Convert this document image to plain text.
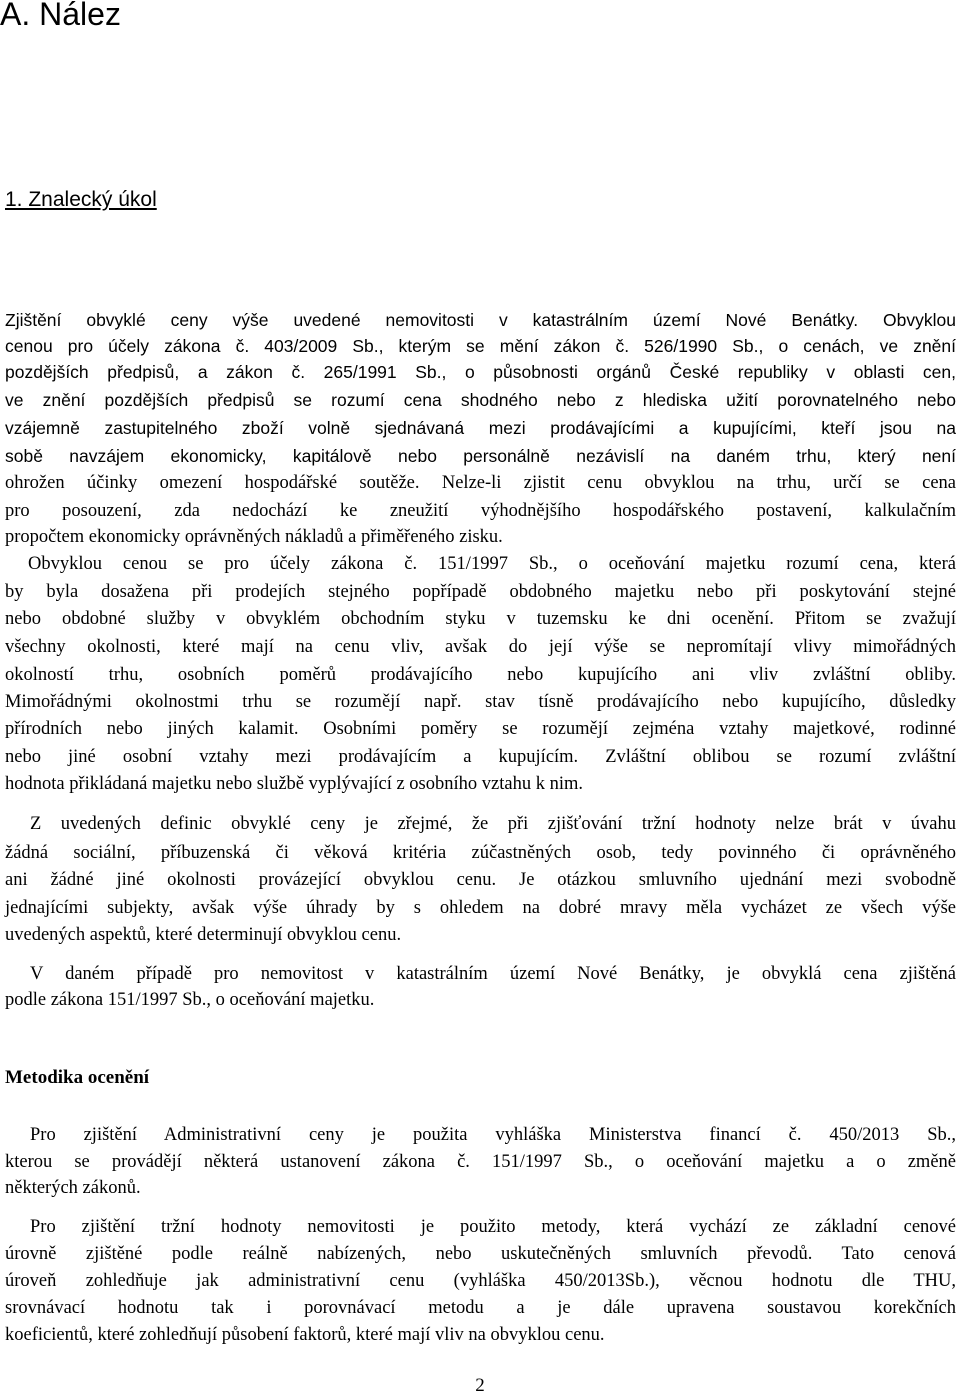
A. Nález
1. Znalecký úkol

Zjištění obvyklé ceny výše uvedené nemovitosti v katastrálním území Nové Benátky. Obvyklou

cenou pro účely zákona č. 403/2009 Sb., kterým se mění zákon č. 526/1990 Sb., o cenách, ve znění

pozdějších předpisů, a zákon č. 265/1991 Sb., o působnosti orgánů České republiky v oblasti cen,

ve znění pozdějších předpisů se rozumí cena shodného nebo z hlediska užití porovnatelného nebo

vzájemně zastupitelného zboží volně sjednávaná mezi prodávajícími a kupujícími, kteří jsou na

sobě navzájem ekonomicky, kapitálově nebo personálně nezávislí na daném trhu, který není

ohrožen účinky omezení hospodářské soutěže. Nelze-li zjistit cenu obvyklou na trhu, určí se cena

pro posouzení, zda nedochází ke zneužití výhodnějšího hospodářského postavení, kalkulačním

propočtem ekonomicky oprávněných nákladů a přiměřeného zisku.

Obvyklou cenou se pro účely zákona č. 151/1997 Sb., o oceňování majetku rozumí cena, která

by byla dosažena při prodejích stejného popřípadě obdobného majetku nebo při poskytování stejné

nebo obdobné služby v obvyklém obchodním styku v tuzemsku ke dni ocenění. Přitom se zvažují

všechny okolnosti, které mají na cenu vliv, avšak do její výše se nepromítají vlivy mimořádných

okolností trhu, osobních poměrů prodávajícího nebo kupujícího ani vliv zvláštní obliby.

Mimořádnými okolnostmi trhu se rozumějí např. stav tísně prodávajícího nebo kupujícího, důsledky

přírodních nebo jiných kalamit. Osobními poměry se rozumějí zejména vztahy majetkové, rodinné

nebo jiné osobní vztahy mezi prodávajícím a kupujícím. Zvláštní oblibou se rozumí zvláštní

hodnota přikládaná majetku nebo službě vyplývající z osobního vztahu k nim.

Z uvedených definic obvyklé ceny je zřejmé, že při zjišťování tržní hodnoty nelze brát v úvahu

žádná sociální, příbuzenská či věková kritéria zúčastněných osob, tedy povinného či oprávněného

ani žádné jiné okolnosti provázející obvyklou cenu. Je otázkou smluvního ujednání mezi svobodně

jednajícími subjekty, avšak výše úhrady by s ohledem na dobré mravy měla vycházet ze všech výše

uvedených aspektů, které determinují obvyklou cenu.

V daném případě pro nemovitost v katastrálním území Nové Benátky, je obvyklá cena zjištěná

podle zákona 151/1997 Sb., o oceňování majetku.

Metodika ocenění

Pro zjištění Administrativní ceny je použita vyhláška Ministerstva financí č. 450/2013 Sb.,

kterou se provádějí některá ustanovení zákona č. 151/1997 Sb., o oceňování majetku a o změně

některých zákonů.

Pro zjištění tržní hodnoty nemovitosti je použito metody, která vychází ze základní cenové

úrovně zjištěné podle reálně nabízených, nebo uskutečněných smluvních převodů. Tato cenová

úroveň zohledňuje jak administrativní cenu (vyhláška 450/2013Sb.), věcnou hodnotu dle THU,

srovnávací hodnotu tak i porovnávací metodu a je dále upravena soustavou korekčních

koeficientů, které zohledňují působení faktorů, které mají vliv na obvyklou cenu.

2
